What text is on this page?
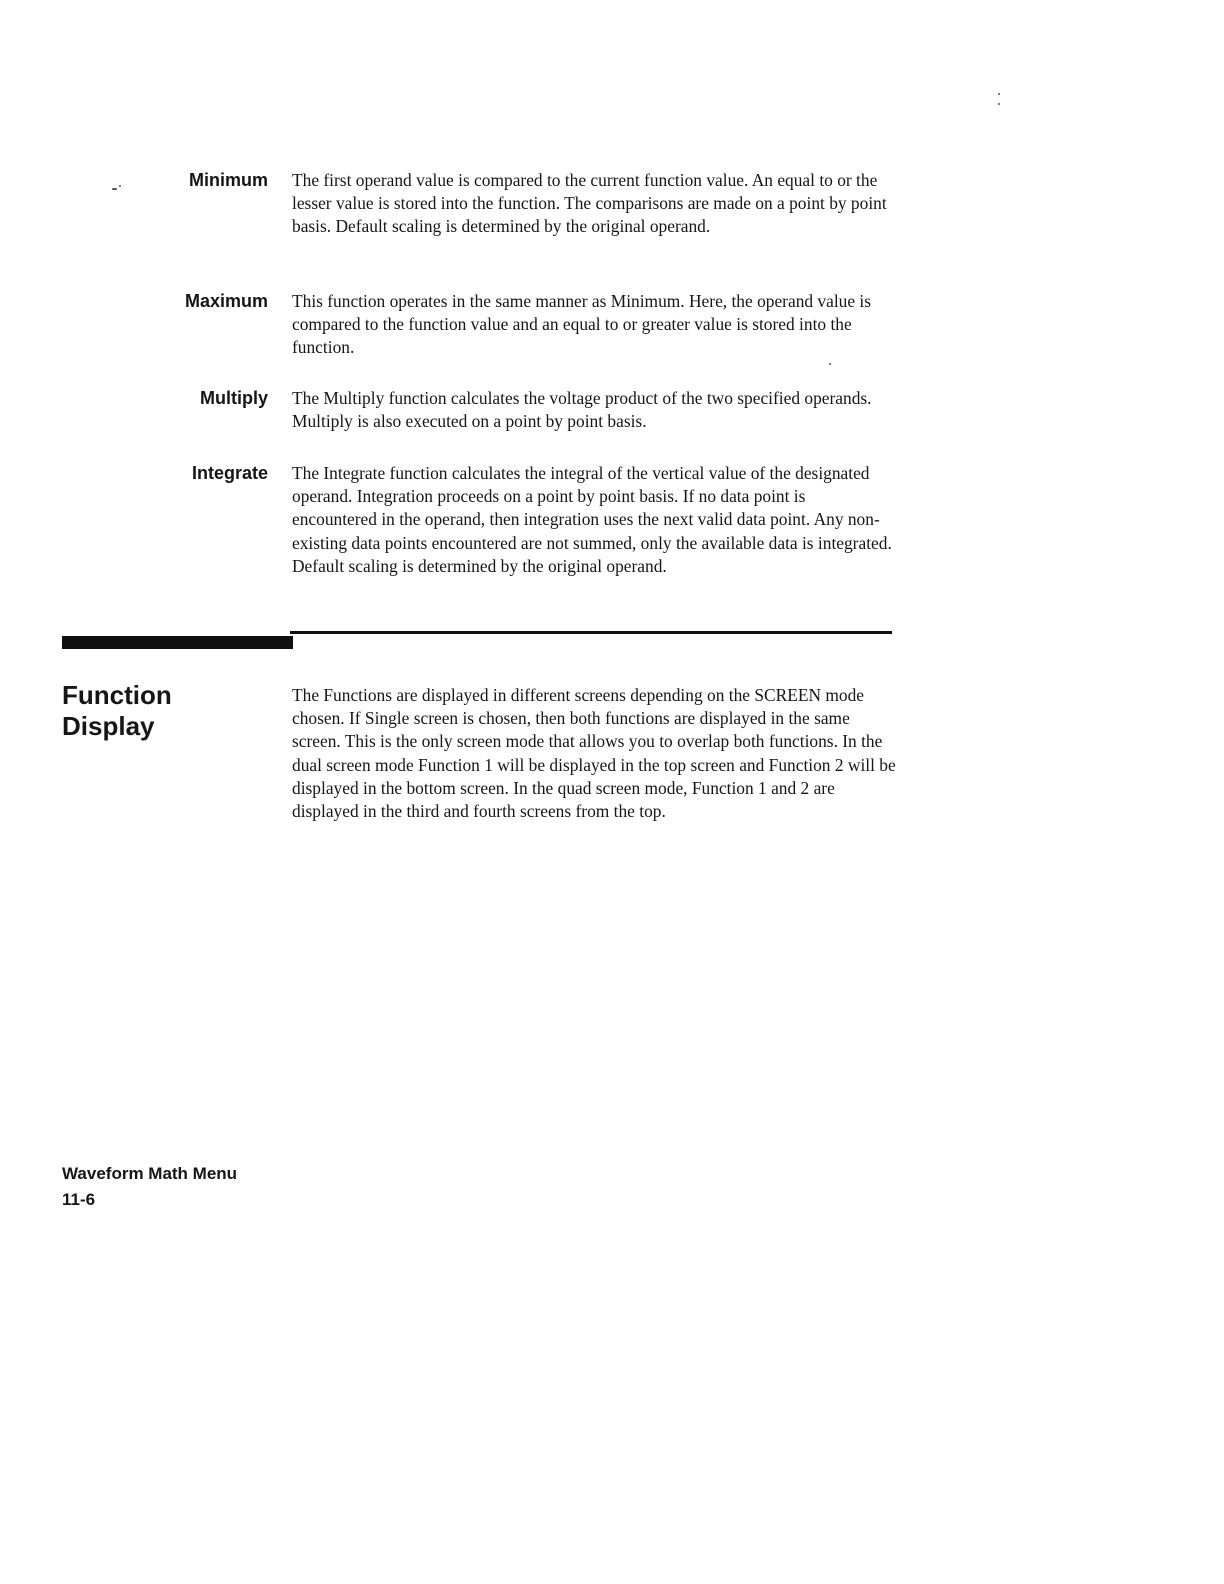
Minimum The first operand value is compared to the current function value. An equal to or the lesser value is stored into the function. The comparisons are made on a point by point basis. Default scaling is determined by the original operand.
Maximum This function operates in the same manner as Minimum. Here, the operand value is compared to the function value and an equal to or greater value is stored into the function.
Multiply The Multiply function calculates the voltage product of the two specified operands. Multiply is also executed on a point by point basis.
Integrate The Integrate function calculates the integral of the vertical value of the designated operand. Integration proceeds on a point by point basis. If no data point is encountered in the operand, then integration uses the next valid data point. Any non-existing data points encountered are not summed, only the available data is integrated. Default scaling is determined by the original operand.
Function
Display
The Functions are displayed in different screens depending on the SCREEN mode chosen. If Single screen is chosen, then both functions are displayed in the same screen. This is the only screen mode that allows you to overlap both functions. In the dual screen mode Function 1 will be displayed in the top screen and Function 2 will be displayed in the bottom screen. In the quad screen mode, Function 1 and 2 are displayed in the third and fourth screens from the top.
Waveform Math Menu
11-6
